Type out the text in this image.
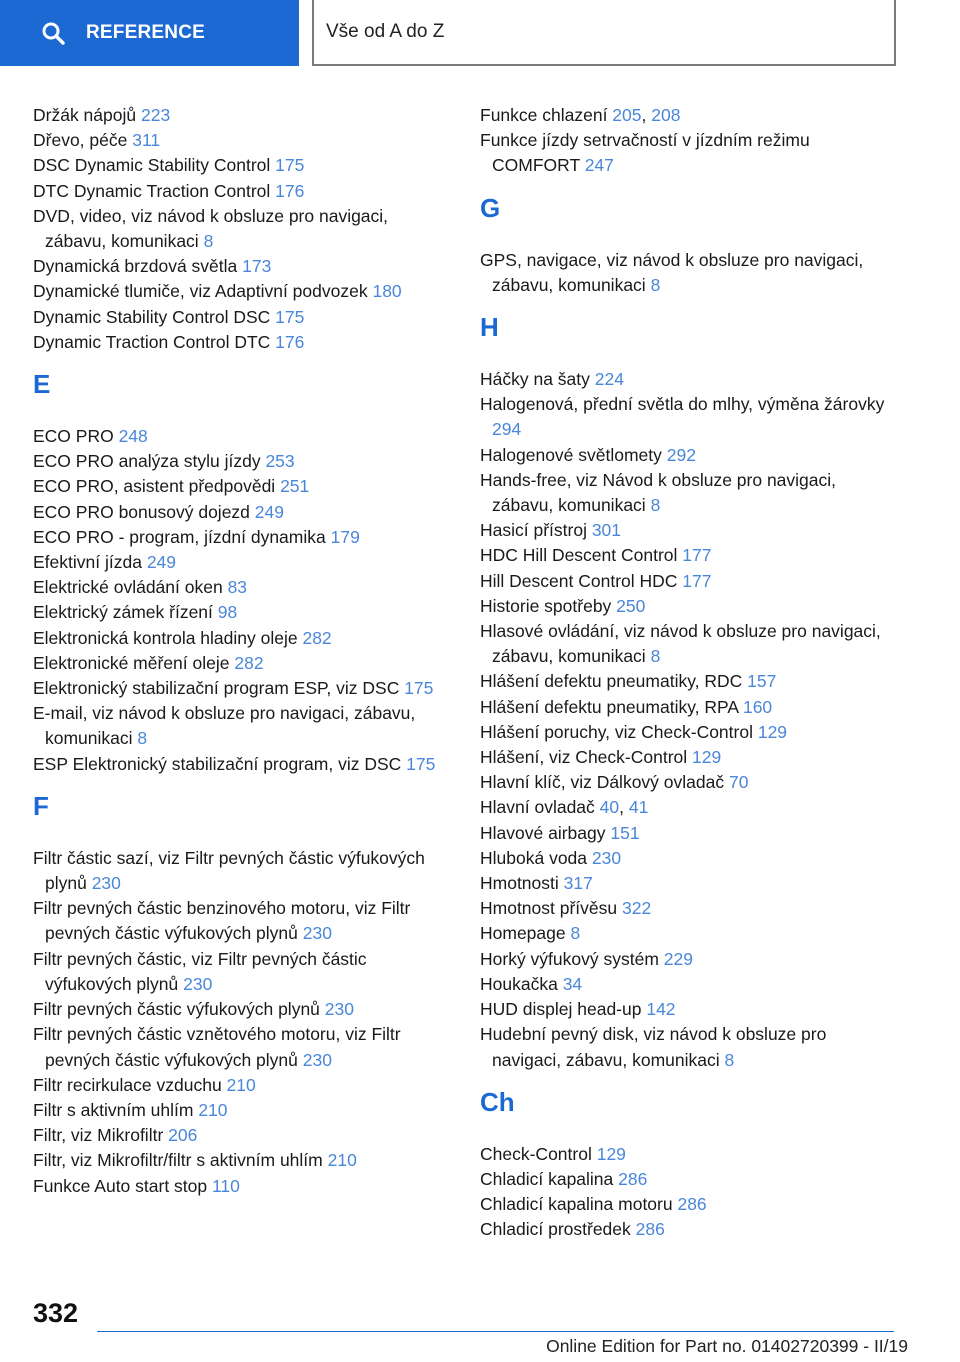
REFERENCE	Vše od A do Z
Držák nápojů 223
Dřevo, péče 311
DSC Dynamic Stability Control 175
DTC Dynamic Traction Control 176
DVD, video, viz návod k obsluze pro navigaci, zábavu, komunikaci 8
Dynamická brzdová světla 173
Dynamické tlumiče, viz Adaptivní podvozek 180
Dynamic Stability Control DSC 175
Dynamic Traction Control DTC 176
E
ECO PRO 248
ECO PRO analýza stylu jízdy 253
ECO PRO, asistent předpovědi 251
ECO PRO bonusový dojezd 249
ECO PRO - program, jízdní dynamika 179
Efektivní jízda 249
Elektrické ovládání oken 83
Elektrický zámek řízení 98
Elektronická kontrola hladiny oleje 282
Elektronické měření oleje 282
Elektronický stabilizační program ESP, viz DSC 175
E-mail, viz návod k obsluze pro navigaci, zábavu, komunikaci 8
ESP Elektronický stabilizační program, viz DSC 175
F
Filtr částic sazí, viz Filtr pevných částic výfukových plynů 230
Filtr pevných částic benzinového motoru, viz Filtr pevných částic výfukových plynů 230
Filtr pevných částic, viz Filtr pevných částic výfukových plynů 230
Filtr pevných částic výfukových plynů 230
Filtr pevných částic vznětového motoru, viz Filtr pevných částic výfukových plynů 230
Filtr recirkulace vzduchu 210
Filtr s aktivním uhlím 210
Filtr, viz Mikrofiltr 206
Filtr, viz Mikrofiltr/filtr s aktivním uhlím 210
Funkce Auto start stop 110
Funkce chlazení 205, 208
Funkce jízdy setrvačností v jízdním režimu COMFORT 247
G
GPS, navigace, viz návod k obsluze pro navigaci, zábavu, komunikaci 8
H
Háčky na šaty 224
Halogenová, přední světla do mlhy, výměna žárovky 294
Halogenové světlomety 292
Hands-free, viz Návod k obsluze pro navigaci, zábavu, komunikaci 8
Hasicí přístroj 301
HDC Hill Descent Control 177
Hill Descent Control HDC 177
Historie spotřeby 250
Hlasové ovládání, viz návod k obsluze pro navigaci, zábavu, komunikaci 8
Hlášení defektu pneumatiky, RDC 157
Hlášení defektu pneumatiky, RPA 160
Hlášení poruchy, viz Check-Control 129
Hlášení, viz Check-Control 129
Hlavní klíč, viz Dálkový ovladač 70
Hlavní ovladač 40, 41
Hlavové airbagy 151
Hluboká voda 230
Hmotnosti 317
Hmotnost přívěsu 322
Homepage 8
Horký výfukový systém 229
Houkačka 34
HUD displej head-up 142
Hudební pevný disk, viz návod k obsluze pro navigaci, zábavu, komunikaci 8
Ch
Check-Control 129
Chladicí kapalina 286
Chladicí kapalina motoru 286
Chladicí prostředek 286
332
Online Edition for Part no. 01402720399 - II/19
